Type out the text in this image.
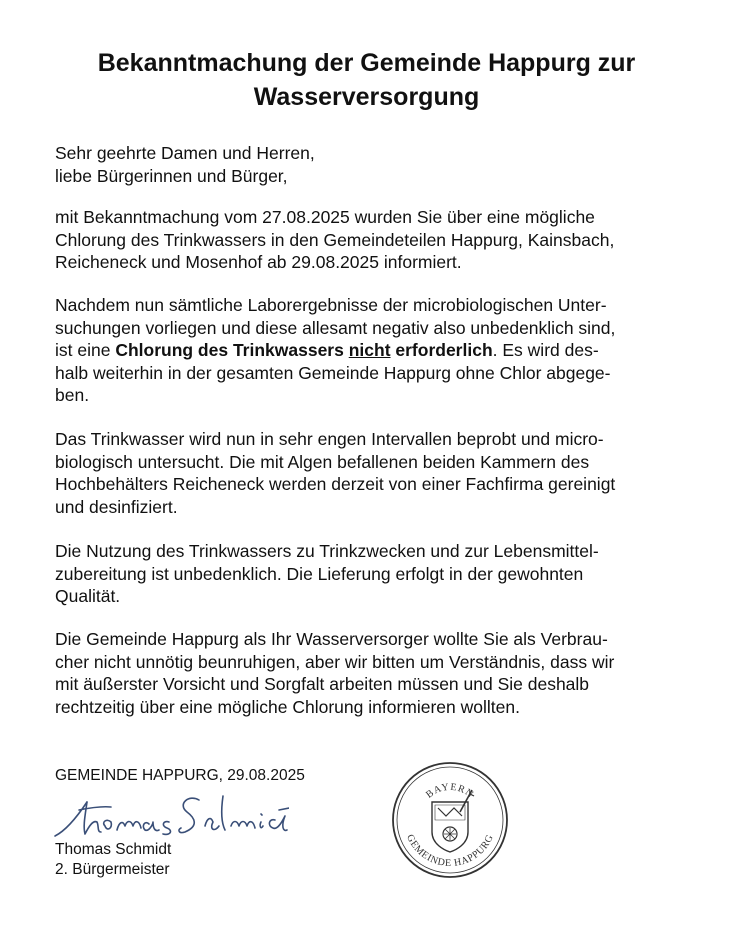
Bekanntmachung der Gemeinde Happurg zur
Wasserversorgung

Sehr geehrte Damen und Herren,
liebe Bürgerinnen und Bürger,

mit Bekanntmachung vom 27.08.2025 wurden Sie über eine mögliche
Chlorung des Trinkwassers in den Gemeindeteilen Happurg, Kainsbach,
Reicheneck und Mosenhof ab 29.08.2025 informiert.

Nachdem nun sämtliche Laborergebnisse der microbiologischen Unter-
suchungen vorliegen und diese allesamt negativ also unbedenklich sind,
ist eine Chlorung des Trinkwassers nicht erforderlich. Es wird des-
halb weiterhin in der gesamten Gemeinde Happurg ohne Chlor abgege-
ben.

Das Trinkwasser wird nun in sehr engen Intervallen beprobt und micro-
biologisch untersucht. Die mit Algen befallenen beiden Kammern des
Hochbehälters Reicheneck werden derzeit von einer Fachfirma gereinigt
und desinfiziert.

Die Nutzung des Trinkwassers zu Trinkzwecken und zur Lebensmittel-
zubereitung ist unbedenklich. Die Lieferung erfolgt in der gewohnten
Qualität.

Die Gemeinde Happurg als Ihr Wasserversorger wollte Sie als Verbrau-
cher nicht unnötig beunruhigen, aber wir bitten um Verständnis, dass wir
mit äußerster Vorsicht und Sorgfalt arbeiten müssen und Sie deshalb
rechtzeitig über eine mögliche Chlorung informieren wollten.

GEMEINDE HAPPURG, 29.08.2025
Thomas Schmidt
2. Bürgermeister
BAYERN
GEMEINDE HAPPURG
